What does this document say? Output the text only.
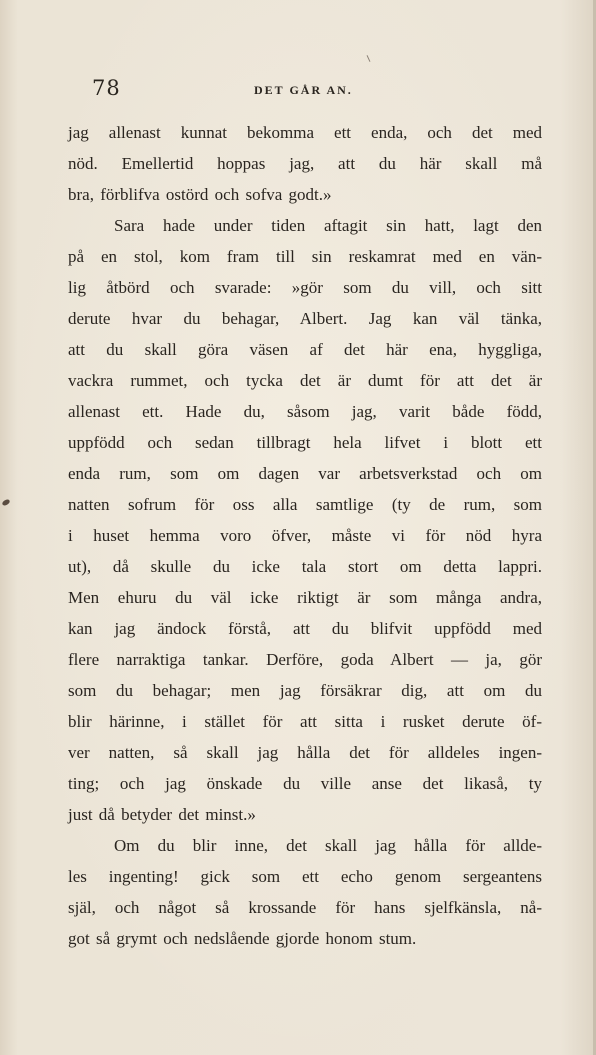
78	DET GÅR AN.
jag allenast kunnat bekomma ett enda, och det med
nöd. Emellertid hoppas jag, att du här skall må
bra, förblifva ostörd och sofva godt.»
Sara hade under tiden aftagit sin hatt, lagt den
på en stol, kom fram till sin reskamrat med en vän-
lig åtbörd och svarade: »gör som du vill, och sitt
derute hvar du behagar, Albert. Jag kan väl tänka,
att du skall göra väsen af det här ena, hyggliga,
vackra rummet, och tycka det är dumt för att det är
allenast ett. Hade du, såsom jag, varit både född,
uppfödd och sedan tillbragt hela lifvet i blott ett
enda rum, som om dagen var arbetsverkstad och om
natten sofrum för oss alla samtlige (ty de rum, som
i huset hemma voro öfver, måste vi för nöd hyra
ut), då skulle du icke tala stort om detta lappri.
Men ehuru du väl icke riktigt är som många andra,
kan jag ändock förstå, att du blifvit uppfödd med
flere narraktiga tankar. Derföre, goda Albert — ja, gör
som du behagar; men jag försäkrar dig, att om du
blir härinne, i stället för att sitta i rusket derute öf-
ver natten, så skall jag hålla det för alldeles ingen-
ting; och jag önskade du ville anse det likaså, ty
just då betyder det minst.»
Om du blir inne, det skall jag hålla för allde-
les ingenting! gick som ett echo genom sergeantens
själ, och något så krossande för hans sjelfkänsla, nå-
got så grymt och nedslående gjorde honom stum.
